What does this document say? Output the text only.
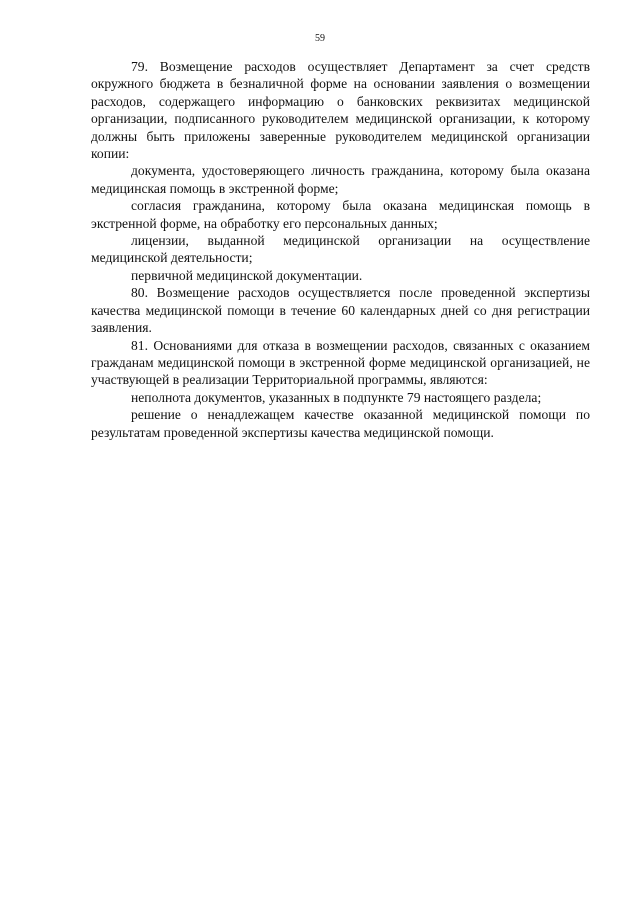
59

79. Возмещение расходов осуществляет Департамент за счет средств окружного бюджета в безналичной форме на основании заявления о возмещении расходов, содержащего информацию о банковских реквизитах медицинской организации, подписанного руководителем медицинской организации, к которому должны быть приложены заверенные руководителем медицинской организации копии:

документа, удостоверяющего личность гражданина, которому была оказана медицинская помощь в экстренной форме;

согласия гражданина, которому была оказана медицинская помощь в экстренной форме, на обработку его персональных данных;

лицензии, выданной медицинской организации на осуществление медицинской деятельности;

первичной медицинской документации.

80. Возмещение расходов осуществляется после проведенной экспертизы качества медицинской помощи в течение 60 календарных дней со дня регистрации заявления.

81. Основаниями для отказа в возмещении расходов, связанных с оказанием гражданам медицинской помощи в экстренной форме медицинской организацией, не участвующей в реализации Территориальной программы, являются:

неполнота документов, указанных в подпункте 79 настоящего раздела;

решение о ненадлежащем качестве оказанной медицинской помощи по результатам проведенной экспертизы качества медицинской помощи.
